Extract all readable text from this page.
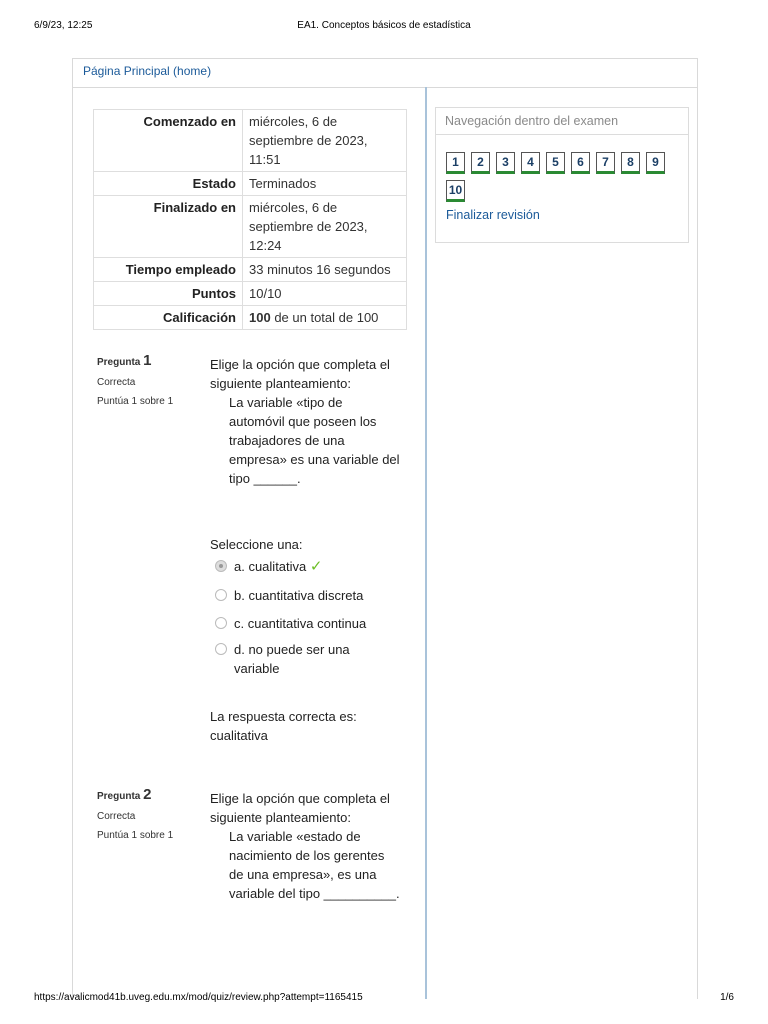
6/9/23, 12:25	EA1. Conceptos básicos de estadística
Página Principal (home)
Comenzado en	miércoles, 6 de septiembre de 2023, 11:51
Estado	Terminados
Finalizado en	miércoles, 6 de septiembre de 2023, 12:24
Tiempo empleado	33 minutos 16 segundos
Puntos	10/10
Calificación	100 de un total de 100
Navegación dentro del examen
1 2 3 4 5 6 7 8 910
Finalizar revisión
Pregunta 1
Correcta
Puntúa 1 sobre 1
Elige la opción que completa el siguiente planteamiento:
La variable «tipo de automóvil que poseen los trabajadores de una empresa» es una variable del tipo ______.
Seleccione una:
a. cualitativa ✓
b. cuantitativa discreta
c. cuantitativa continua
d. no puede ser una variable
La respuesta correcta es: cualitativa
Pregunta 2
Correcta
Puntúa 1 sobre 1
Elige la opción que completa el siguiente planteamiento:
La variable «estado de nacimiento de los gerentes de una empresa», es una variable del tipo __________.
https://avalicmod41b.uveg.edu.mx/mod/quiz/review.php?attempt=1165415	1/6
